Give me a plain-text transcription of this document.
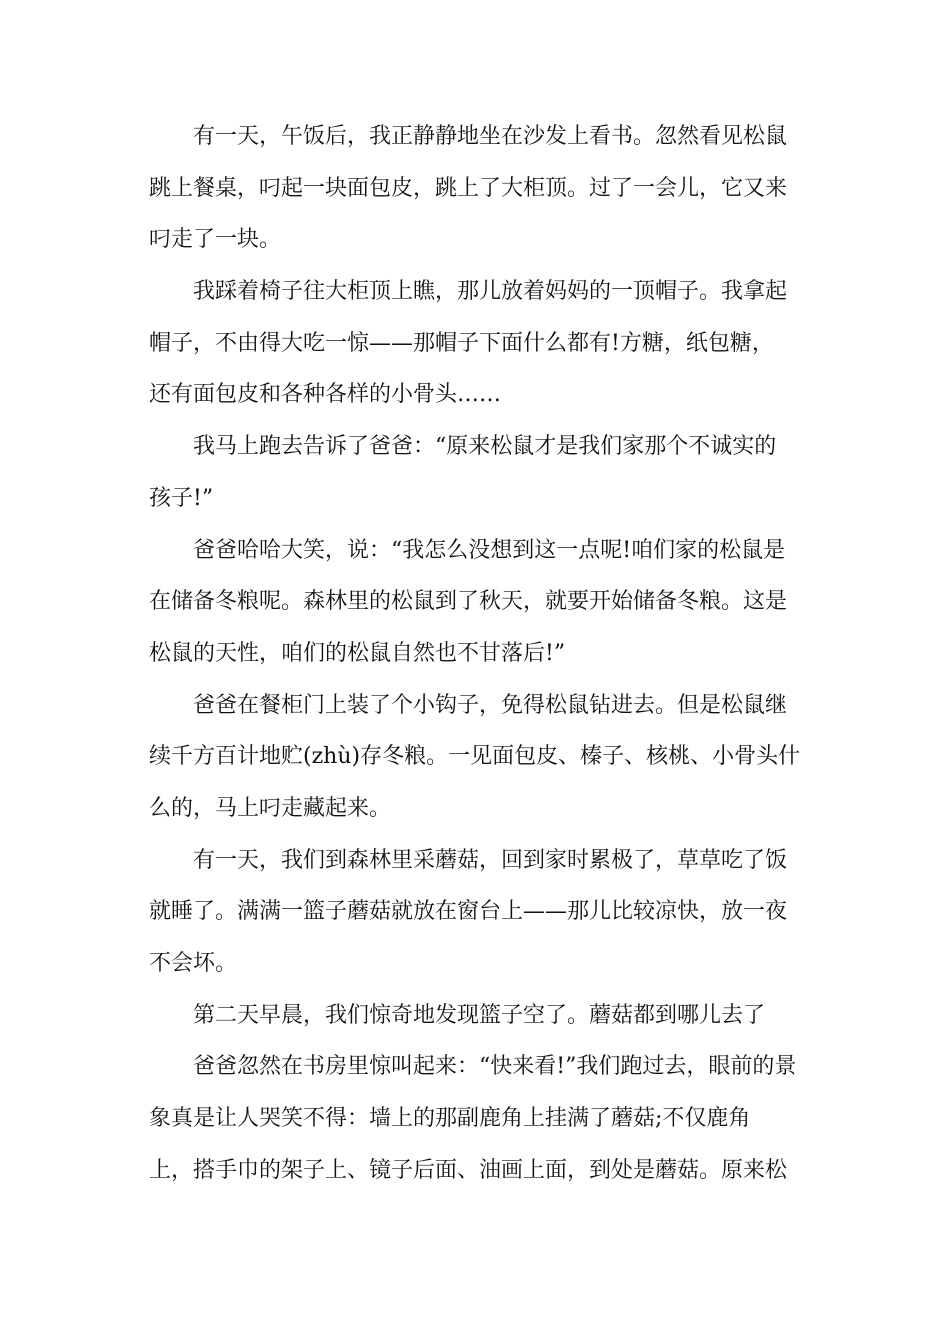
有一天，午饭后，我正静静地坐在沙发上看书。忽然看见松鼠
跳上餐桌，叼起一块面包皮，跳上了大柜顶。过了一会儿，它又来
叼走了一块。
我踩着椅子往大柜顶上瞧，那儿放着妈妈的一顶帽子。我拿起
帽子，不由得大吃一惊——那帽子下面什么都有!方糖，纸包糖，
还有面包皮和各种各样的小骨头……
我马上跑去告诉了爸爸：“原来松鼠才是我们家那个不诚实的
孩子!”
爸爸哈哈大笑，说：“我怎么没想到这一点呢!咱们家的松鼠是
在储备冬粮呢。森林里的松鼠到了秋天，就要开始储备冬粮。这是
松鼠的天性，咱们的松鼠自然也不甘落后!”
爸爸在餐柜门上装了个小钩子，免得松鼠钻进去。但是松鼠继
续千方百计地贮(zhù)存冬粮。一见面包皮、榛子、核桃、小骨头什
么的，马上叼走藏起来。
有一天，我们到森林里采蘑菇，回到家时累极了，草草吃了饭
就睡了。满满一篮子蘑菇就放在窗台上——那儿比较凉快，放一夜
不会坏。
第二天早晨，我们惊奇地发现篮子空了。蘑菇都到哪儿去了
爸爸忽然在书房里惊叫起来：“快来看!”我们跑过去，眼前的景
象真是让人哭笑不得：墙上的那副鹿角上挂满了蘑菇;不仅鹿角
上，搭手巾的架子上、镜子后面、油画上面，到处是蘑菇。原来松
